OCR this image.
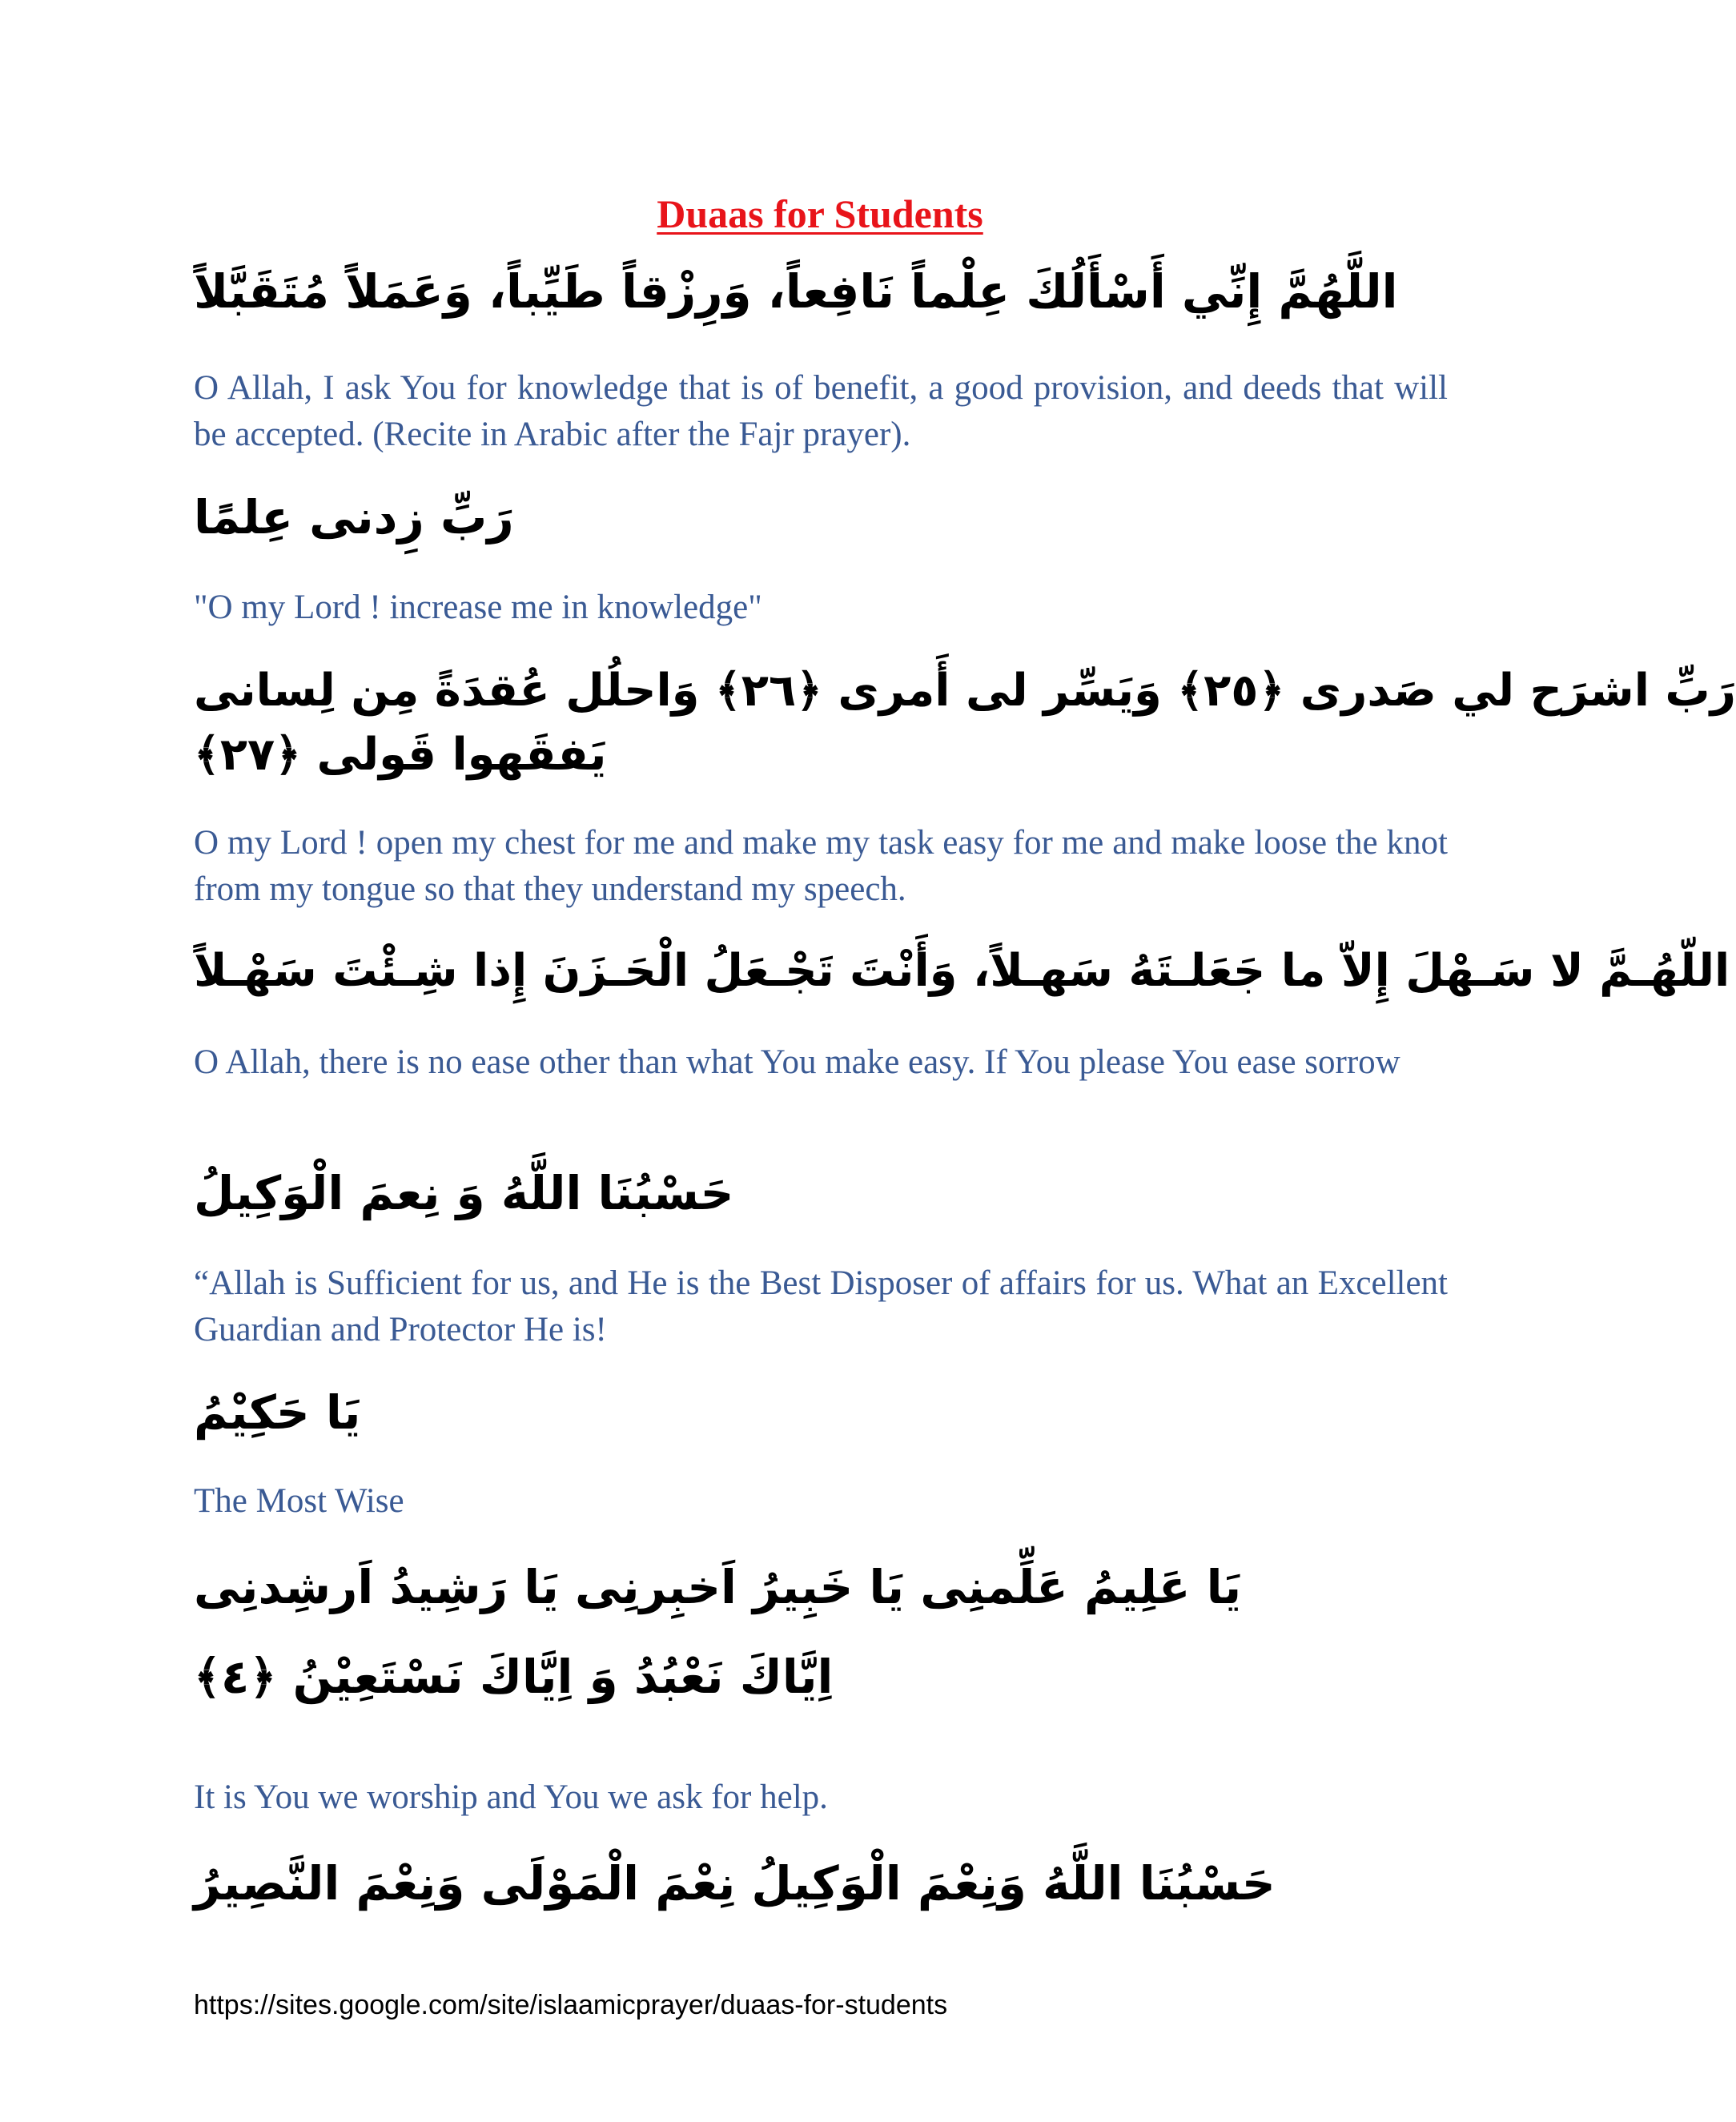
Duaas for Students
اللَّهُمَّ إِنِّي أَسْأَلُكَ عِلْماً نَافِعاً، وَرِزْقاً طَيِّباً، وَعَمَلاً مُتَقَبَّلاً
O Allah, I ask You for knowledge that is of benefit, a good provision, and deeds that will be accepted. (Recite in Arabic after the Fajr prayer).
رَبِّ زِدنى عِلمًا
"O my Lord ! increase me in knowledge"
رَبِّ اشرَح لي صَدرى ﴿٢٥﴾ وَيَسِّر لى أَمرى ﴿٢٦﴾ وَاحلُل عُقدَةً مِن لِسانى
يَفقَهوا قَولى ﴿٢٧﴾
O my Lord ! open my chest for me and make my task easy for me and make loose the knot from my tongue so that they understand my speech.
اللّهُـمَّ لا سَـهْلَ إِلاّ ما جَعَلـتَهُ سَهـلاً، وَأَنْتَ تَجْـعَلُ الْحَـزَنَ إِذا شِـئْتَ سَهْـلاً
O Allah, there is no ease other than what You make easy. If You please You ease sorrow
حَسْبُنَا اللَّهُ وَ نِعمَ الْوَكِيلُ
“Allah is Sufficient for us, and He is the Best Disposer of affairs for us. What an Excellent Guardian and Protector He is!
يَا حَكِيْمُ
The Most Wise
يَا عَلِيمُ عَلِّمنِى يَا خَبِيرُ اَخبِرنِى يَا رَشِيدُ اَرشِدنِى
اِيَّاكَ نَعْبُدُ وَ اِيَّاكَ نَسْتَعِيْنُ ﴿٤﴾
It is You we worship and You we ask for help.
حَسْبُنَا اللَّهُ وَنِعْمَ الْوَكِيلُ نِعْمَ الْمَوْلَى وَنِعْمَ النَّصِيرُ
https://sites.google.com/site/islaamicprayer/duaas-for-students
